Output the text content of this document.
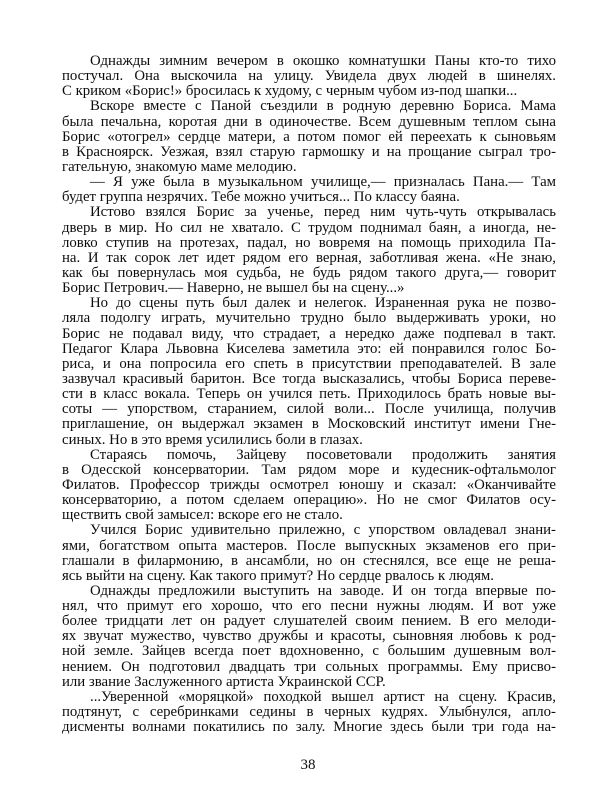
Однажды зимним вечером в окошко комнатушки Паны кто-то тихо
постучал. Она выскочила на улицу. Увидела двух людей в шинелях.
С криком «Борис!» бросилась к худому, с черным чубом из-под шапки...
Вскоре вместе с Паной съездили в родную деревню Бориса. Мама
была печальна, коротая дни в одиночестве. Всем душевным теплом сына
Борис «отогрел» сердце матери, а потом помог ей переехать к сыновьям
в Красноярск. Уезжая, взял старую гармошку и на прощание сыграл тро-
гательную, знакомую маме мелодию.
— Я уже была в музыкальном училище,— призналась Пана.— Там
будет группа незрячих. Тебе можно учиться... По классу баяна.
Истово взялся Борис за ученье, перед ним чуть-чуть открывалась
дверь в мир. Но сил не хватало. С трудом поднимал баян, а иногда, не-
ловко ступив на протезах, падал, но вовремя на помощь приходила Па-
на. И так сорок лет идет рядом его верная, заботливая жена. «Не знаю,
как бы повернулась моя судьба, не будь рядом такого друга,— говорит
Борис Петрович.— Наверно, не вышел бы на сцену...»
Но до сцены путь был далек и нелегок. Израненная рука не позво-
ляла подолгу играть, мучительно трудно было выдерживать уроки, но
Борис не подавал виду, что страдает, а нередко даже подпевал в такт.
Педагог Клара Львовна Киселева заметила это: ей понравился голос Бо-
риса, и она попросила его спеть в присутствии преподавателей. В зале
зазвучал красивый баритон. Все тогда высказались, чтобы Бориса переве-
сти в класс вокала. Теперь он учился петь. Приходилось брать новые вы-
соты — упорством, старанием, силой воли... После училища, получив
приглашение, он выдержал экзамен в Московский институт имени Гне-
синых. Но в это время усилились боли в глазах.
Стараясь помочь, Зайцеву посоветовали продолжить занятия
в Одесской консерватории. Там рядом море и кудесник-офтальмолог
Филатов. Профессор трижды осмотрел юношу и сказал: «Оканчивайте
консерваторию, а потом сделаем операцию». Но не смог Филатов осу-
ществить свой замысел: вскоре его не стало.
Учился Борис удивительно прилежно, с упорством овладевал знани-
ями, богатством опыта мастеров. После выпускных экзаменов его при-
глашали в филармонию, в ансамбли, но он стеснялся, все еще не реша-
ясь выйти на сцену. Как такого примут? Но сердце рвалось к людям.
Однажды предложили выступить на заводе. И он тогда впервые по-
нял, что примут его хорошо, что его песни нужны людям. И вот уже
более тридцати лет он радует слушателей своим пением. В его мелоди-
ях звучат мужество, чувство дружбы и красоты, сыновняя любовь к род-
ной земле. Зайцев всегда поет вдохновенно, с большим душевным вол-
нением. Он подготовил двадцать три сольных программы. Ему присво-
или звание Заслуженного артиста Украинской ССР.
...Уверенной «моряцкой» походкой вышел артист на сцену. Красив,
подтянут, с серебринками седины в черных кудрях. Улыбнулся, апло-
дисменты волнами покатились по залу. Многие здесь были три года на-
38
